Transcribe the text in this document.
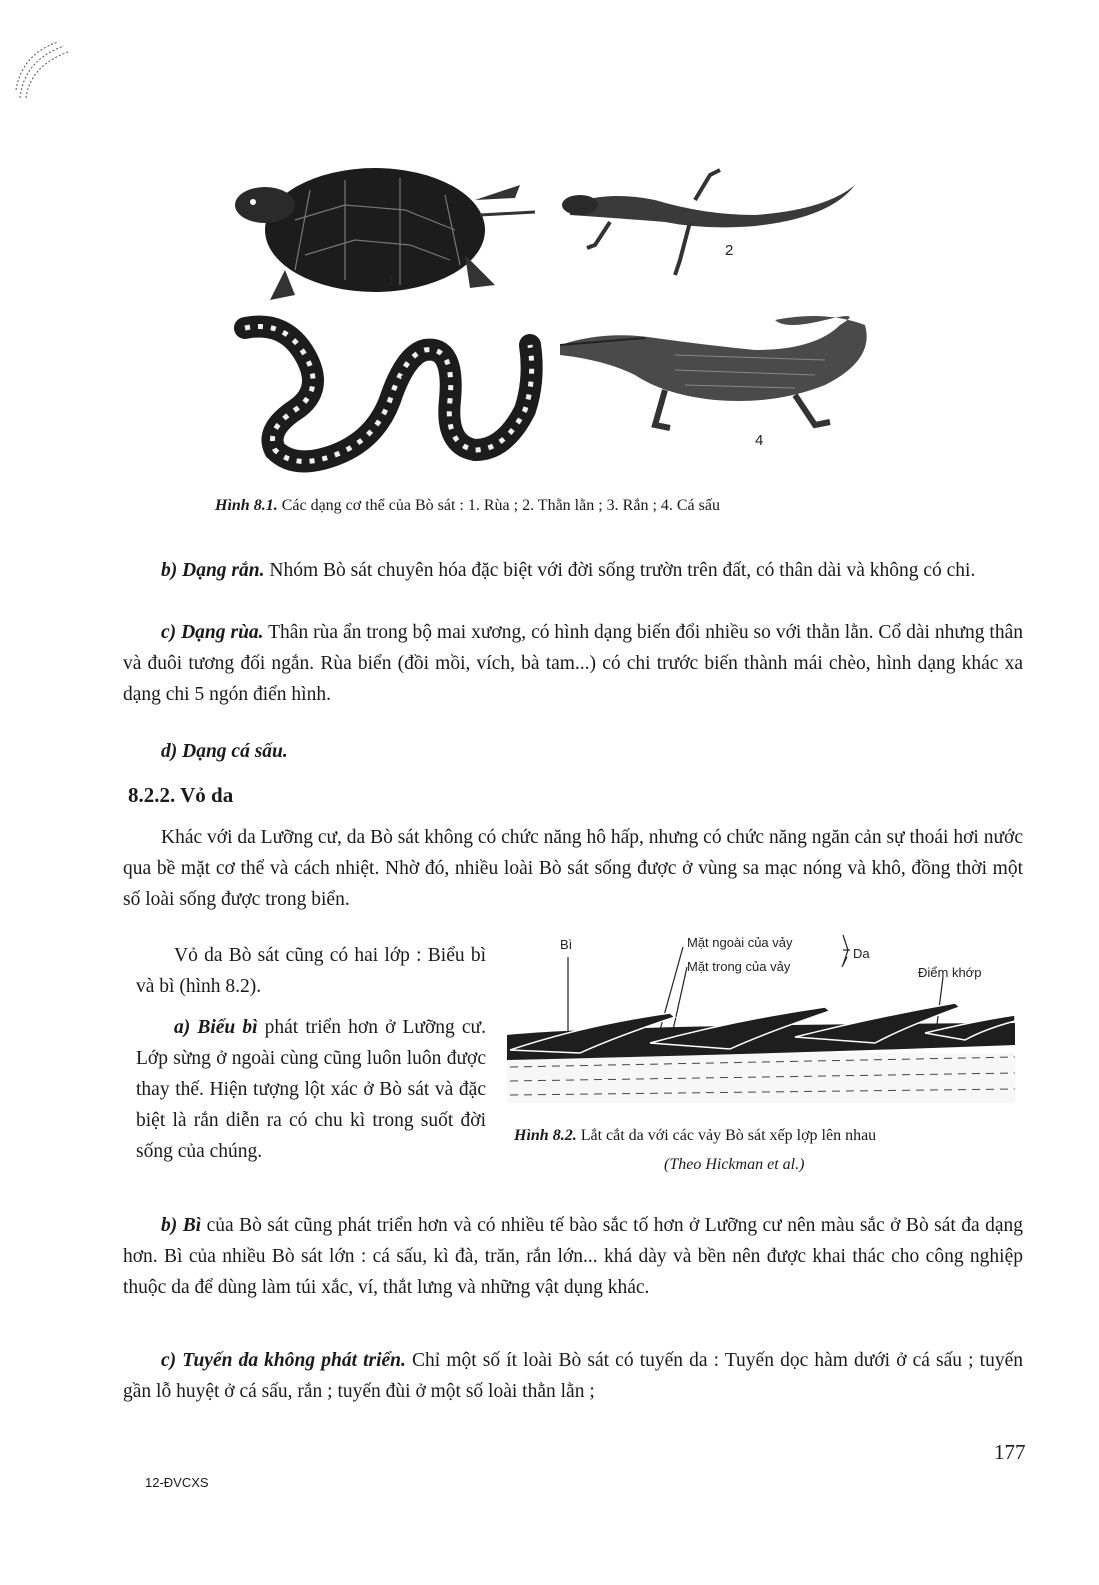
1
2
3
4
Hình 8.1. Các dạng cơ thể của Bò sát : 1. Rùa ; 2. Thằn lằn ; 3. Rắn ; 4. Cá sấu

b) Dạng rắn. Nhóm Bò sát chuyên hóa đặc biệt với đời sống trườn trên đất, có thân dài và không có chi.

c) Dạng rùa. Thân rùa ẩn trong bộ mai xương, có hình dạng biến đổi nhiều so với thằn lằn. Cổ dài nhưng thân và đuôi tương đối ngắn. Rùa biển (đồi mồi, vích, bà tam...) có chi trước biến thành mái chèo, hình dạng khác xa dạng chi 5 ngón điển hình.

d) Dạng cá sấu.

8.2.2. Vỏ da

Khác với da Lưỡng cư, da Bò sát không có chức năng hô hấp, nhưng có chức năng ngăn cản sự thoái hơi nước qua bề mặt cơ thể và cách nhiệt. Nhờ đó, nhiều loài Bò sát sống được ở vùng sa mạc nóng và khô, đồng thời một số loài sống được trong biển.

Vỏ da Bò sát cũng có hai lớp : Biểu bì và bì (hình 8.2).

a) Biểu bì phát triển hơn ở Lưỡng cư. Lớp sừng ở ngoài cùng cũng luôn luôn được thay thế. Hiện tượng lột xác ở Bò sát và đặc biệt là rắn diễn ra có chu kì trong suốt đời sống của chúng.

Bì	Mặt ngoài của vảy
Mặt trong của vảy
Da
Điểm khớp
Hình 8.2. Lắt cắt da với các vảy Bò sát xếp lợp lên nhau
(Theo Hickman et al.)

b) Bì của Bò sát cũng phát triển hơn và có nhiều tế bào sắc tố hơn ở Lưỡng cư nên màu sắc ở Bò sát đa dạng hơn. Bì của nhiều Bò sát lớn : cá sấu, kì đà, trăn, rắn lớn... khá dày và bền nên được khai thác cho công nghiệp thuộc da để dùng làm túi xắc, ví, thắt lưng và những vật dụng khác.

c) Tuyến da không phát triển. Chỉ một số ít loài Bò sát có tuyến da : Tuyến dọc hàm dưới ở cá sấu ; tuyến gần lỗ huyệt ở cá sấu, rắn ; tuyến đùi ở một số loài thằn lằn ;

177
12-ĐVCXS
